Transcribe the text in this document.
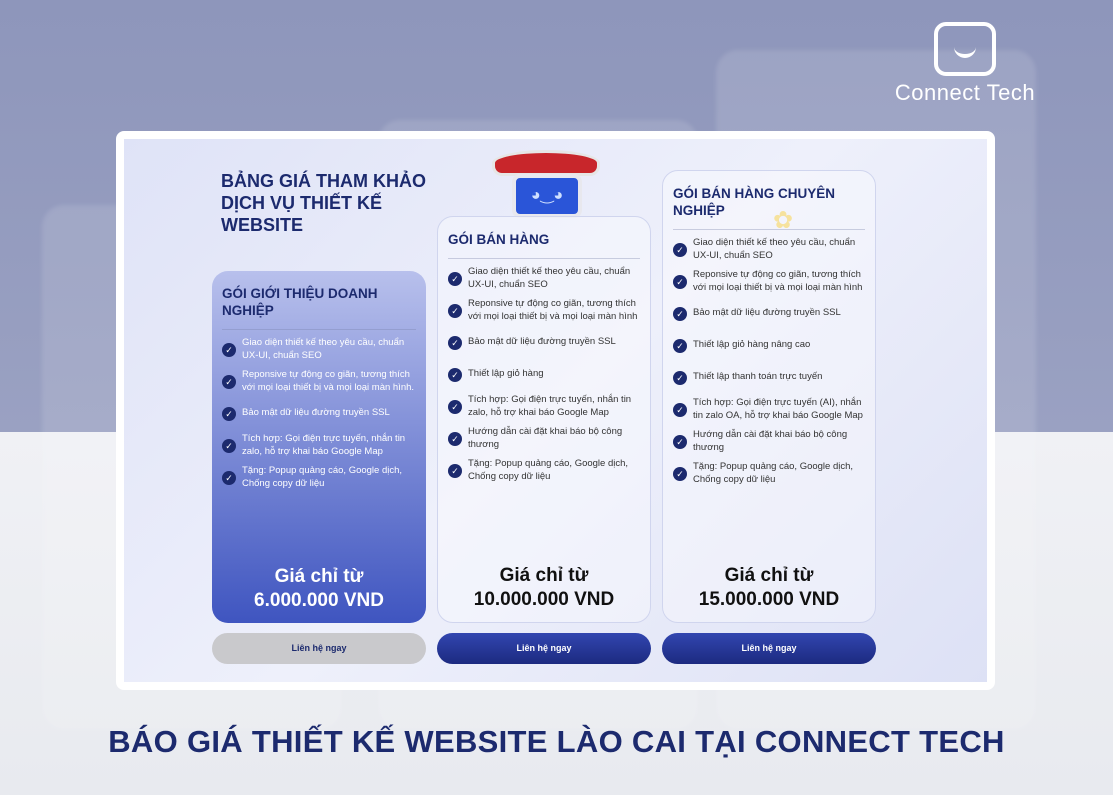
Connect Tech
BẢNG GIÁ THAM KHẢO DỊCH VỤ THIẾT KẾ WEBSITE
◕‿◕
✿
GÓI GIỚI THIỆU DOANH NGHIỆP
✓
Giao diện thiết kế theo yêu cầu, chuẩn UX-UI, chuẩn SEO
✓
Reponsive tự động co giãn, tương thích với mọi loại thiết bị và mọi loại màn hình.
✓ Bảo mật dữ liệu đường truyền SSL
✓
Tích hợp: Gọi điện trực tuyến, nhắn tin zalo, hỗ trợ khai báo Google Map
✓
Tặng: Popup quảng cáo, Google dịch, Chống copy dữ liệu
Giá chỉ từ
6.000.000 VND
GÓI BÁN HÀNG
✓
Giao diện thiết kế theo yêu cầu, chuẩn UX-UI, chuẩn SEO
✓
Reponsive tự động co giãn, tương thích với mọi loại thiết bị và mọi loại màn hình
✓ Bảo mật dữ liệu đường truyền SSL
✓ Thiết lập giỏ hàng
✓
Tích hợp: Gọi điện trực tuyến, nhắn tin zalo, hỗ trợ khai báo Google Map
✓
Hướng dẫn cài đặt khai báo bộ công thương
✓
Tặng: Popup quảng cáo, Google dịch, Chống copy dữ liệu
Giá chỉ từ
10.000.000 VND
GÓI BÁN HÀNG CHUYÊN NGHIỆP
✓
Giao diện thiết kế theo yêu cầu, chuẩn UX-UI, chuẩn SEO
✓
Reponsive tự động co giãn, tương thích với mọi loại thiết bị và mọi loại màn hình
✓ Bảo mật dữ liệu đường truyền SSL
✓ Thiết lập giỏ hàng nâng cao
✓ Thiết lập thanh toán trực tuyến
✓
Tích hợp: Gọi điện trực tuyến (AI), nhắn tin zalo OA, hỗ trợ khai báo Google Map
✓
Hướng dẫn cài đặt khai báo bộ công thương
✓
Tặng: Popup quảng cáo, Google dịch, Chống copy dữ liệu
Giá chỉ từ
15.000.000 VND
Liên hệ ngay	Liên hệ ngay	Liên hệ ngay
BÁO GIÁ THIẾT KẾ WEBSITE LÀO CAI TẠI CONNECT TECH
